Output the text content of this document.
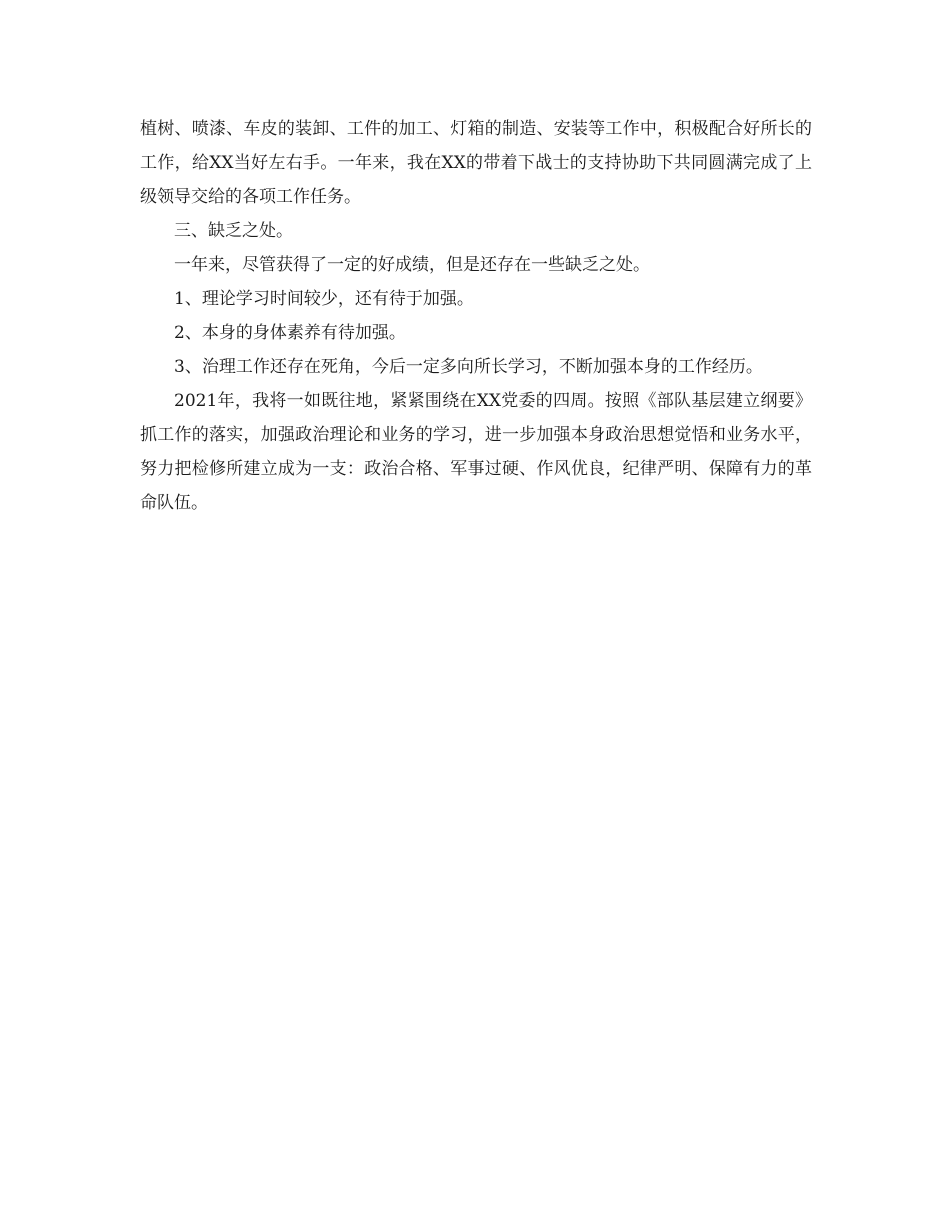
植树、喷漆、车皮的装卸、工件的加工、灯箱的制造、安装等工作中，积极配合好所长的工作，给XX当好左右手。一年来，我在XX的带着下战士的支持协助下共同圆满完成了上级领导交给的各项工作任务。

三、缺乏之处。

一年来，尽管获得了一定的好成绩，但是还存在一些缺乏之处。

1、理论学习时间较少，还有待于加强。

2、本身的身体素养有待加强。

3、治理工作还存在死角，今后一定多向所长学习，不断加强本身的工作经历。

2021年，我将一如既往地，紧紧围绕在XX党委的四周。按照《部队基层建立纲要》抓工作的落实，加强政治理论和业务的学习，进一步加强本身政治思想觉悟和业务水平，努力把检修所建立成为一支：政治合格、军事过硬、作风优良，纪律严明、保障有力的革命队伍。
